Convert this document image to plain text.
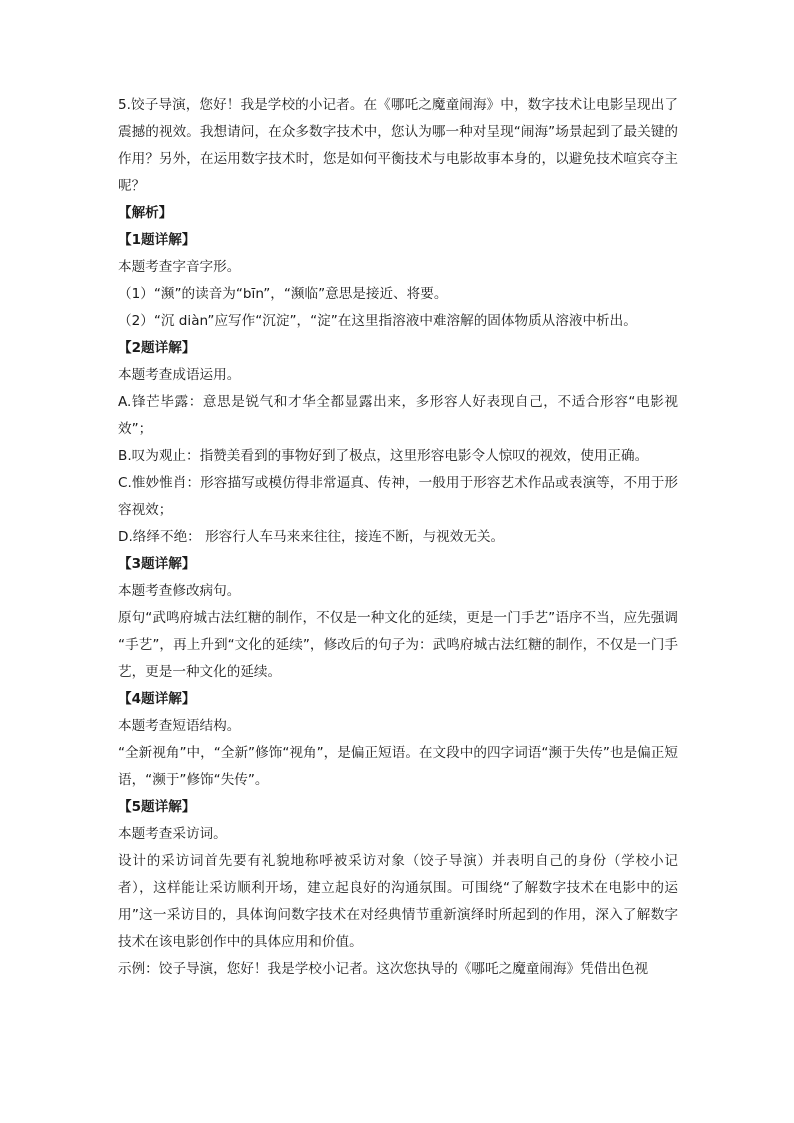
5.饺子导演，您好！我是学校的小记者。在《哪吒之魔童闹海》中，数字技术让电影呈现出了震撼的视效。我想请问，在众多数字技术中，您认为哪一种对呈现“闹海”场景起到了最关键的作用？另外，在运用数字技术时，您是如何平衡技术与电影故事本身的，以避免技术喧宾夺主呢？

【解析】

【1题详解】

本题考查字音字形。

（1）“濒”的读音为“bīn”，“濒临”意思是接近、将要。

（2）“沉 diàn”应写作“沉淀”，“淀”在这里指溶液中难溶解的固体物质从溶液中析出。

【2题详解】

本题考查成语运用。

A.锋芒毕露：意思是锐气和才华全都显露出来，多形容人好表现自己，不适合形容“电影视效”；

B.叹为观止：指赞美看到的事物好到了极点，这里形容电影令人惊叹的视效，使用正确。

C.惟妙惟肖：形容描写或模仿得非常逼真、传神，一般用于形容艺术作品或表演等，不用于形容视效；

D.络绎不绝： 形容行人车马来来往往，接连不断，与视效无关。

【3题详解】

本题考查修改病句。

原句“武鸣府城古法红糖的制作，不仅是一种文化的延续，更是一门手艺”语序不当，应先强调 “手艺”，再上升到“文化的延续”，修改后的句子为：武鸣府城古法红糖的制作，不仅是一门手艺，更是一种文化的延续。

【4题详解】

本题考查短语结构。

“全新视角”中，“全新”修饰“视角”，是偏正短语。在文段中的四字词语“濒于失传”也是偏正短语，“濒于”修饰“失传”。

【5题详解】

本题考查采访词。

设计的采访词首先要有礼貌地称呼被采访对象（饺子导演）并表明自己的身份（学校小记者），这样能让采访顺利开场，建立起良好的沟通氛围。可围绕“了解数字技术在电影中的运用”这一采访目的，具体询问数字技术在对经典情节重新演绎时所起到的作用，深入了解数字技术在该电影创作中的具体应用和价值。

示例：饺子导演，您好！我是学校小记者。这次您执导的《哪吒之魔童闹海》凭借出色视
